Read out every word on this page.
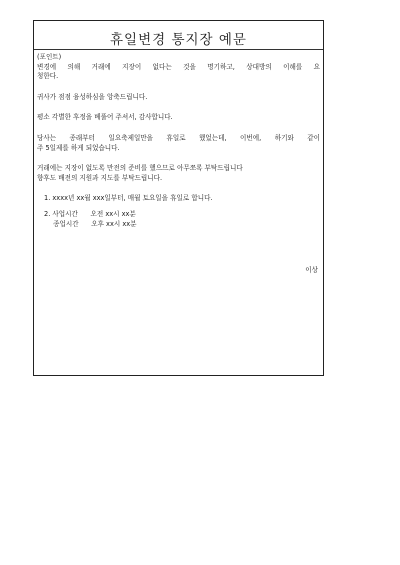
휴일변경 통지장 예문

(포인트)

변경에 의해 거래에 지장이 없다는 것을 명기하고, 상대방의 이해를 요

청한다.

귀사가 점점 융성하심을 앙축드립니다.

평소 각별한 후정을 베풀어 주셔서, 감사합니다.

당사는 종래부터 일요축제일만을 휴일로 했었는데, 이번에, 하기와 같이

주 5일제를 하게 되었습니다.

거래에는 지장이 없도록 만전의 준비를 했으므로 아무쪼록 부탁드립니다

향후도 배전의 지원과 지도를 부탁드립니다.

1. xxxx년 xx월 xxx일부터, 매월 토요일을 휴일로 합니다.

2. 사업시간 오전 xx시 xx분

종업시간 오후 xx시 xx분

이상
